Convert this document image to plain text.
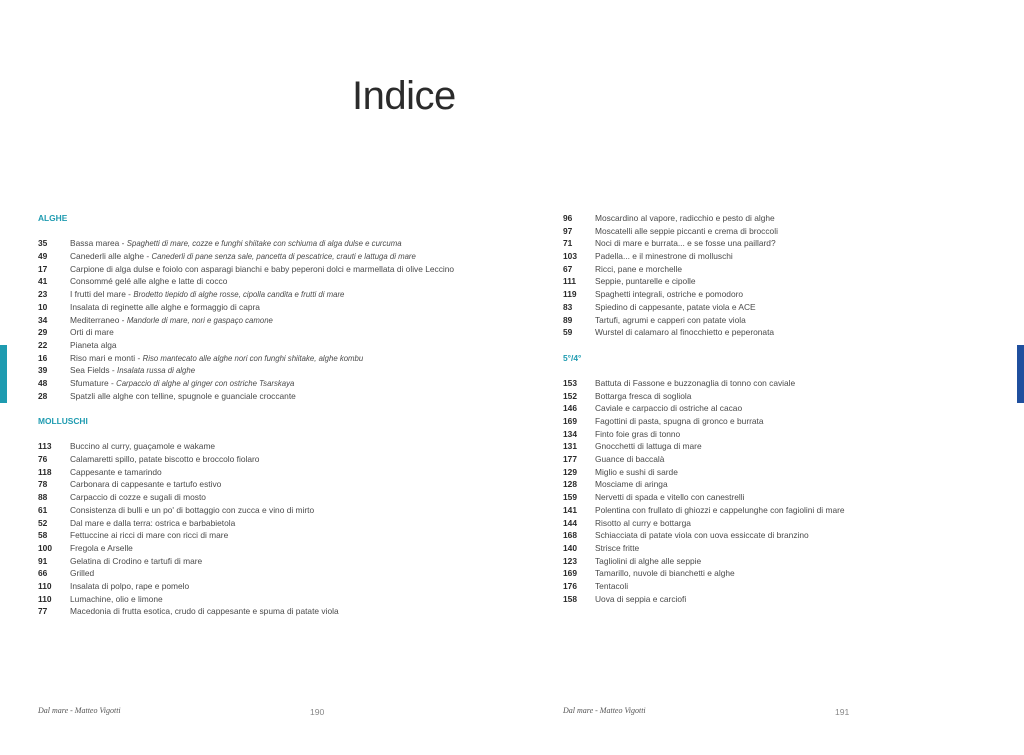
Indice
ALGHE
35	Bassa marea - Spaghetti di mare, cozze e funghi shiitake con schiuma di alga dulse e curcuma
49	Canederli alle alghe - Canederli di pane senza sale, pancetta di pescatrice, crauti e lattuga di mare
17	Carpione di alga dulse e foiolo con asparagi bianchi e baby peperoni dolci e marmellata di olive Leccino
41	Consommé gelé alle alghe e latte di cocco
23	I frutti del mare - Brodetto tiepido di alghe rosse, cipolla candita e frutti di mare
10	Insalata di reginette alle alghe e formaggio di capra
34	Mediterraneo - Mandorle di mare, nori e gaspaço camone
29	Orti di mare
22	Pianeta alga
16	Riso mari e monti - Riso mantecato alle alghe nori con funghi shiitake, alghe kombu
39	Sea Fields - Insalata russa di alghe
48	Sfumature - Carpaccio di alghe al ginger con ostriche Tsarskaya
28	Spatzli alle alghe con telline, spugnole e guanciale croccante
MOLLUSCHI
113	Buccino al curry, guaçamole e wakame
76	Calamaretti spillo, patate biscotto e broccolo fiolaro
118	Cappesante e tamarindo
78	Carbonara di cappesante e tartufo estivo
88	Carpaccio di cozze e sugali di mosto
61	Consistenza di bulli e un po' di bottaggio con zucca e vino di mirto
52	Dal mare e dalla terra: ostrica e barbabietola
58	Fettuccine ai ricci di mare con ricci di mare
100	Fregola e Arselle
91	Gelatina di Crodino e tartufi di mare
66	Grilled
110	Insalata di polpo, rape e pomelo
110	Lumachine, olio e limone
77	Macedonia di frutta esotica, crudo di cappesante e spuma di patate viola
96	Moscardino al vapore, radicchio e pesto di alghe
97	Moscatelli alle seppie piccanti e crema di broccoli
71	Noci di mare e burrata... e se fosse una paillard?
103	Padella... e il minestrone di molluschi
67	Ricci, pane e morchelle
111	Seppie, puntarelle e cipolle
119	Spaghetti integrali, ostriche e pomodoro
83	Spiedino di cappesante, patate viola e ACE
89	Tartufi, agrumi e capperi con patate viola
59	Wurstel di calamaro al finocchietto e peperonata
5°/4°
153	Battuta di Fassone e buzzonaglia di tonno con caviale
152	Bottarga fresca di sogliola
146	Caviale e carpaccio di ostriche al cacao
169	Fagottini di pasta, spugna di gronco e burrata
134	Finto foie gras di tonno
131	Gnocchetti di lattuga di mare
177	Guance di baccalà
129	Miglio e sushi di sarde
128	Mosciame di aringa
159	Nervetti di spada e vitello con canestrelli
141	Polentina con frullato di ghiozzi e cappelunghe con fagiolini di mare
144	Risotto al curry e bottarga
168	Schiacciata di patate viola con uova essiccate di branzino
140	Strisce fritte
123	Tagliolini di alghe alle seppie
169	Tamarillo, nuvole di bianchetti e alghe
176	Tentacoli
158	Uova di seppia e carciofi
Dal mare - Matteo Vigotti	190	Dal mare - Matteo Vigotti	191
